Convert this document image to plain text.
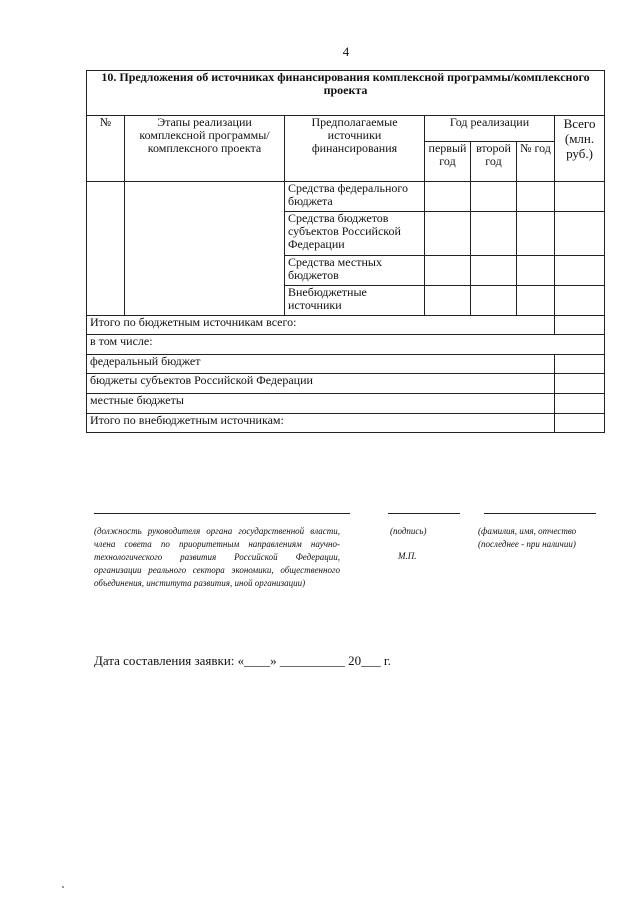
4
10. Предложения об источниках финансирования комплексной программы/комплексного проекта						
№	Этапы реализации комплексной программы/комплексного проекта	Предполагаемые источники финансирования	Год реализации			Всего (млн. руб.)
			первый год	второй год	№ год	
		Средства федерального бюджета				
		Средства бюджетов субъектов Российской Федерации				
		Средства местных бюджетов				
		Внебюджетные источники				
Итого по бюджетным источникам всего:						
в том числе:						
федеральный бюджет						
бюджеты субъектов Российской Федерации						
местные бюджеты						
Итого по внебюджетным источникам:						
(должность руководителя органа государственной власти, члена совета по приоритетным направлениям научно-технологического развития Российской Федерации, организации реального сектора экономики, общественного объединения, института развития, иной организации)
(подпись)
М.П.
(фамилия, имя, отчество (последнее - при наличии)
Дата составления заявки: «____» __________ 20___ г.
